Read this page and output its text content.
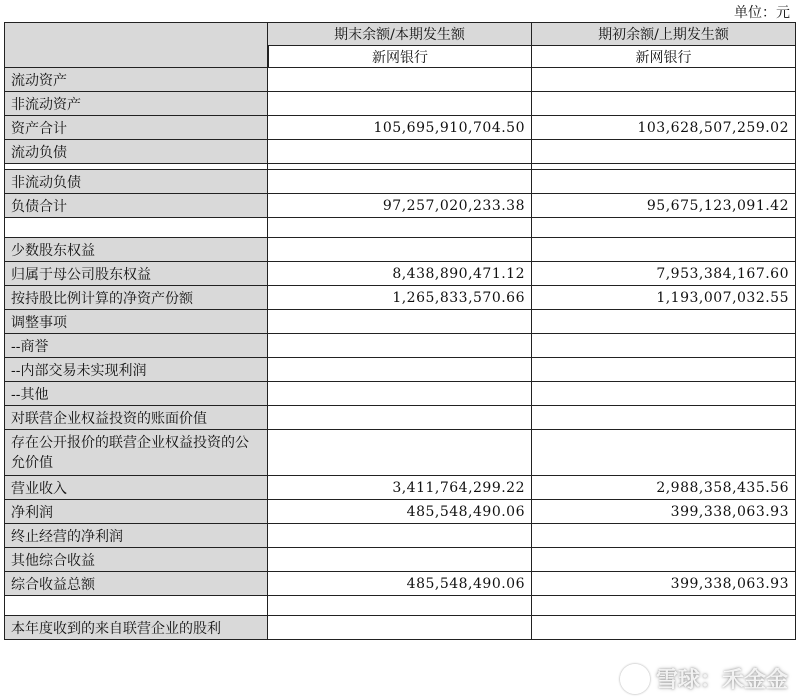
单位：元
	期末余额/本期发生额	期初余额/上期发生额
	新网银行	新网银行
流动资产		
非流动资产		
资产合计	105,695,910,704.50	103,628,507,259.02
流动负债		

非流动负债		
负债合计	97,257,020,233.38	95,675,123,091.42

少数股东权益		
归属于母公司股东权益	8,438,890,471.12	7,953,384,167.60
按持股比例计算的净资产份额	1,265,833,570.66	1,193,007,032.55
调整事项		
--商誉		
--内部交易未实现利润		
--其他		
对联营企业权益投资的账面价值		
存在公开报价的联营企业权益投资的公允价值		
营业收入	3,411,764,299.22	2,988,358,435.56
净利润	485,548,490.06	399,338,063.93
终止经营的净利润		
其他综合收益		
综合收益总额	485,548,490.06	399,338,063.93

本年度收到的来自联营企业的股利		
雪球：禾金金
